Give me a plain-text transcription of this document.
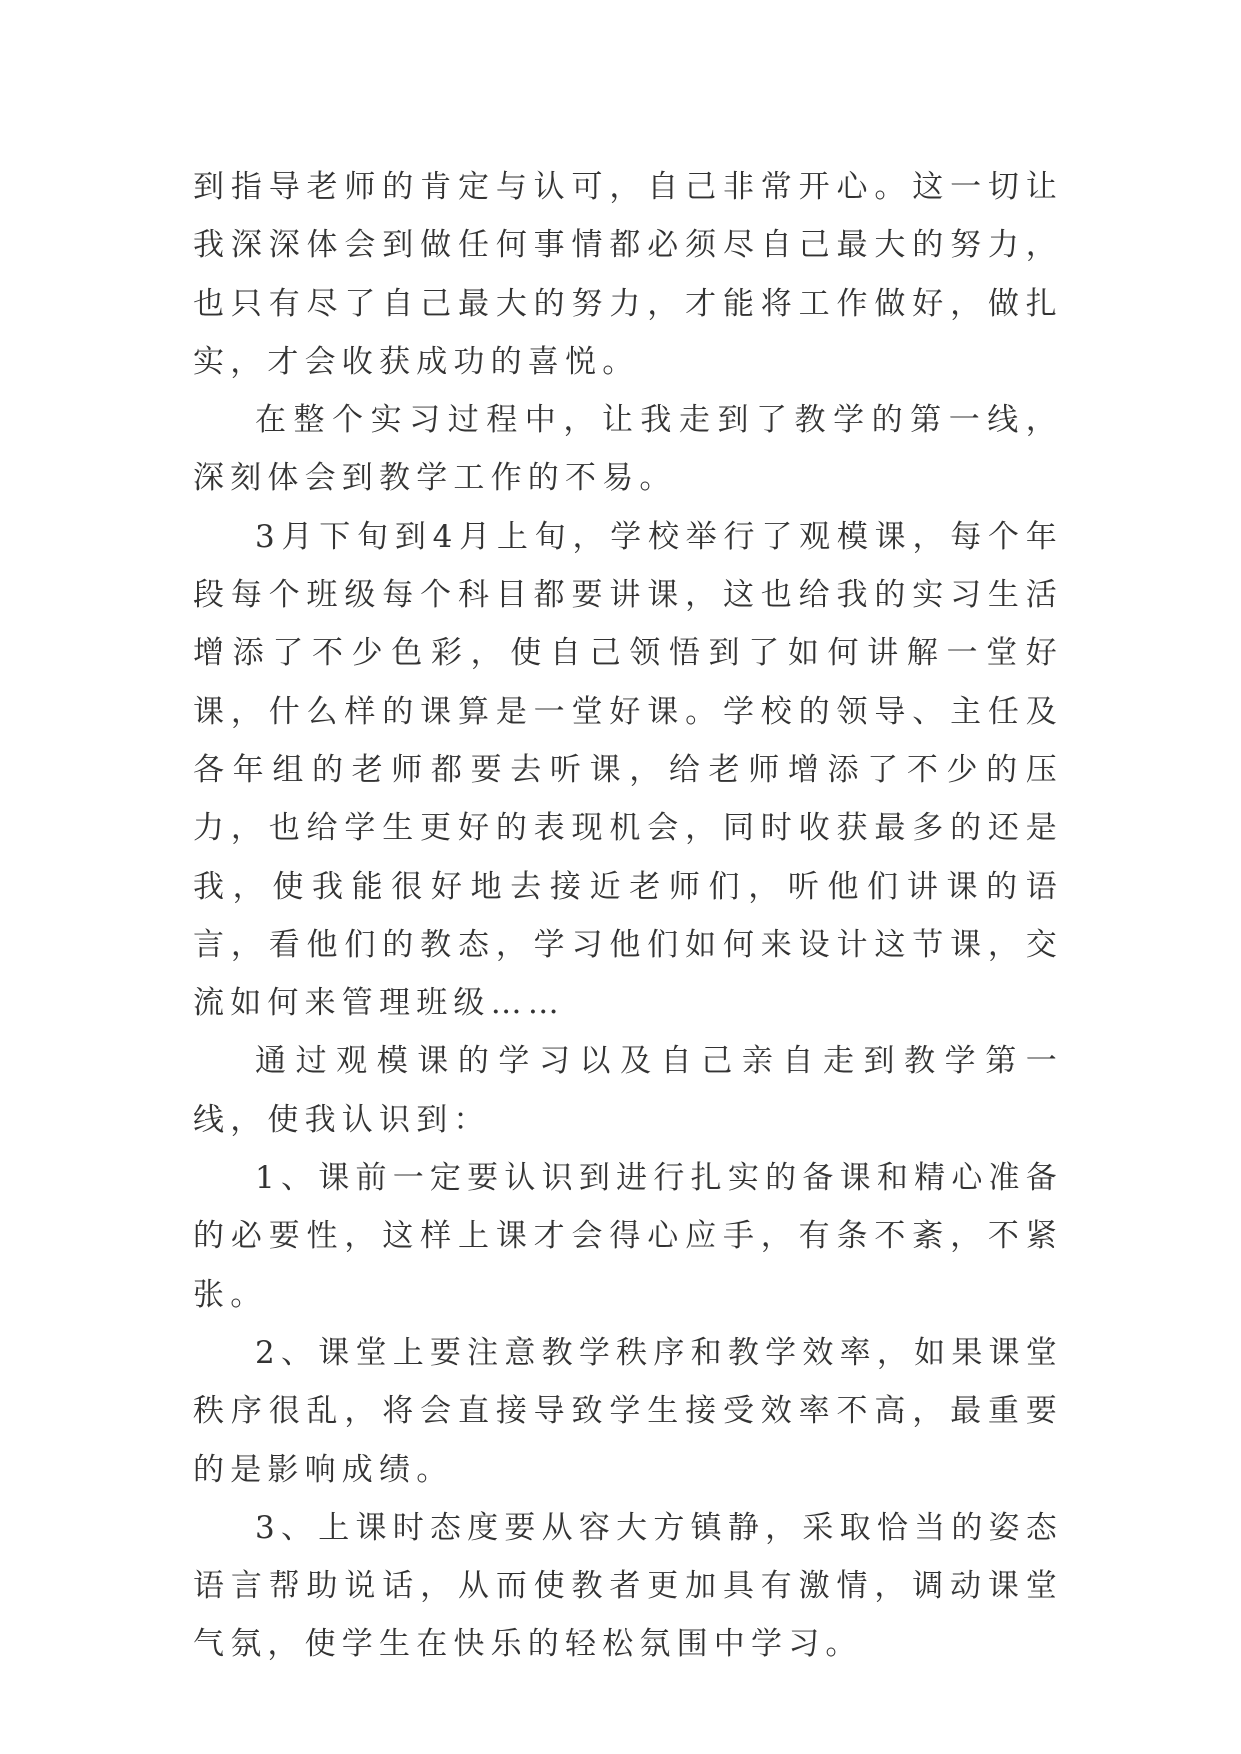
到指导老师的肯定与认可，自己非常开心。这一切让我深深体会到做任何事情都必须尽自己最大的努力，也只有尽了自己最大的努力，才能将工作做好，做扎实，才会收获成功的喜悦。

在整个实习过程中，让我走到了教学的第一线，深刻体会到教学工作的不易。

3月下旬到4月上旬，学校举行了观模课，每个年段每个班级每个科目都要讲课，这也给我的实习生活增添了不少色彩，使自己领悟到了如何讲解一堂好课，什么样的课算是一堂好课。学校的领导、主任及各年组的老师都要去听课，给老师增添了不少的压力，也给学生更好的表现机会，同时收获最多的还是我，使我能很好地去接近老师们，听他们讲课的语言，看他们的教态，学习他们如何来设计这节课，交流如何来管理班级……

通过观模课的学习以及自己亲自走到教学第一线，使我认识到：

1、课前一定要认识到进行扎实的备课和精心准备的必要性，这样上课才会得心应手，有条不紊，不紧张。

2、课堂上要注意教学秩序和教学效率，如果课堂秩序很乱，将会直接导致学生接受效率不高，最重要的是影响成绩。

3、上课时态度要从容大方镇静，采取恰当的姿态语言帮助说话，从而使教者更加具有激情，调动课堂气氛，使学生在快乐的轻松氛围中学习。
